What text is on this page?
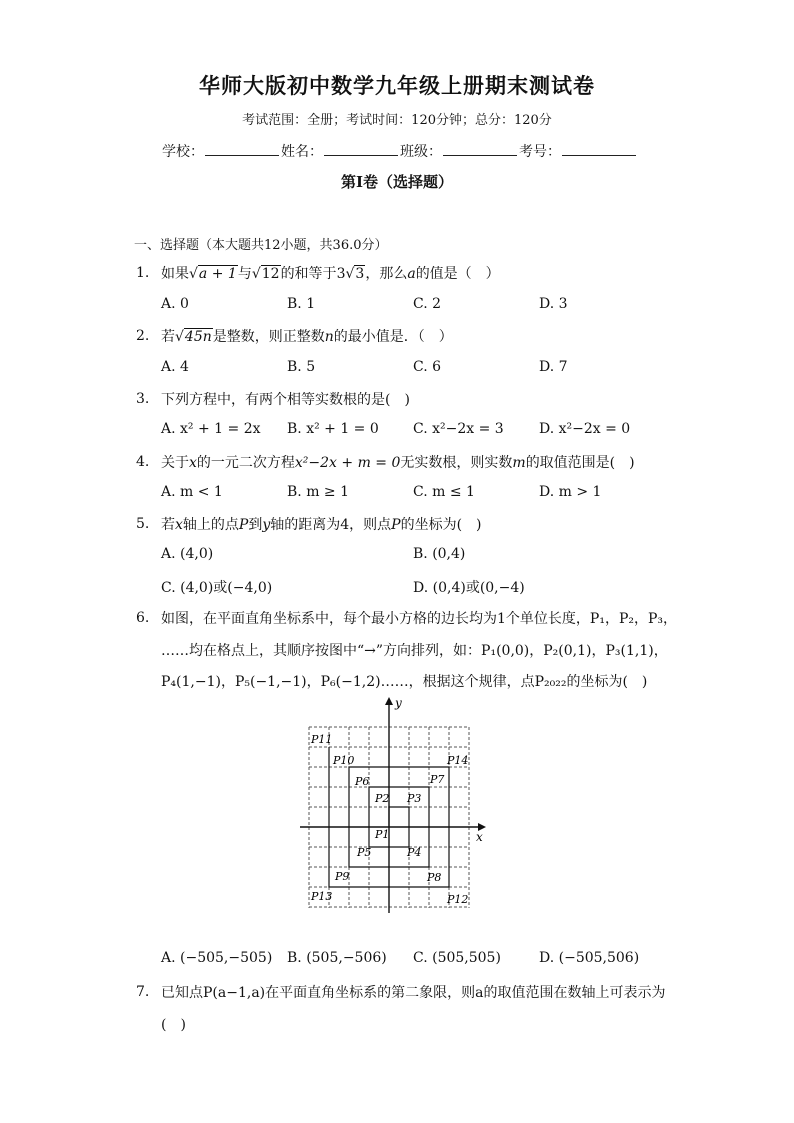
华师大版初中数学九年级上册期末测试卷
考试范围：全册；考试时间：120分钟；总分：120分
学校：	姓名：	班级：	考号：
第I卷（选择题）
一、选择题（本大题共12小题，共36.0分）
1. 如果√a + 1与√12的和等于3√3，那么a的值是（　）
A. 0	B. 1	C. 2	D. 3
2. 若√45n是整数，则正整数n的最小值是．（　）
A. 4	B. 5	C. 6	D. 7
3. 下列方程中，有两个相等实数根的是(　)
A. x² + 1 = 2x B. x² + 1 = 0 C. x²−2x = 3	D. x²−2x = 0
4. 关于x的一元二次方程x²−2x + m = 0无实数根，则实数m的取值范围是(　)
A. m < 1	B. m ≥ 1	C. m ≤ 1	D. m > 1
5. 若x轴上的点P到y轴的距离为4，则点P的坐标为(　)
A. (4,0)	B. (0,4)
C. (4,0)或(−4,0)	D. (0,4)或(0,−4)
6. 如图，在平面直角坐标系中，每个最小方格的边长均为1个单位长度，P₁，P₂，P₃，
……均在格点上，其顺序按图中“→”方向排列，如：P₁(0,0)，P₂(0,1)，P₃(1,1)，
P₄(1,−1)，P₅(−1,−1)，P₆(−1,2)……，根据这个规律，点P₂₀₂₂的坐标为(　)
x
y
P1
P2 P3
P4
P5
P6	P7
P8
P9
P10
P11
P12
P13
P14
A. (−505,−505) B. (505,−506) C. (505,505)	D. (−505,506)
7. 已知点P(a−1,a)在平面直角坐标系的第二象限，则a的取值范围在数轴上可表示为
(　)
